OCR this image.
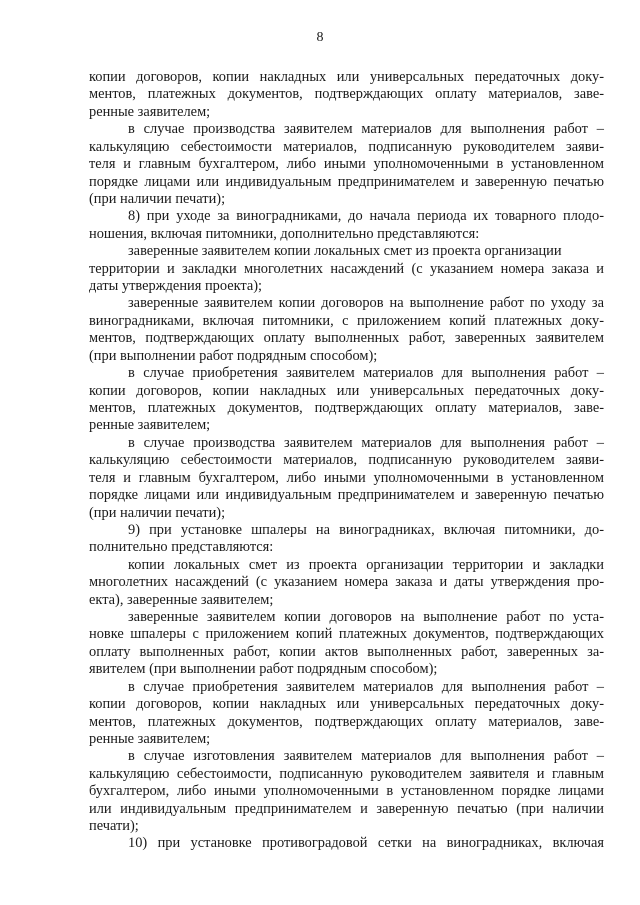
8
копии договоров, копии накладных или универсальных передаточных доку-
ментов, платежных документов, подтверждающих оплату материалов, заве-
ренные заявителем;
в случае производства заявителем материалов для выполнения работ –
калькуляцию себестоимости материалов, подписанную руководителем заяви-
теля и главным бухгалтером, либо иными уполномоченными в установленном
порядке лицами или индивидуальным предпринимателем и заверенную печатью
(при наличии печати);
8) при уходе за виноградниками, до начала периода их товарного плодо-
ношения, включая питомники, дополнительно представляются:
заверенные заявителем копии локальных смет из проекта организации
территории и закладки многолетних насаждений (с указанием номера заказа и
даты утверждения проекта);
заверенные заявителем копии договоров на выполнение работ по уходу за
виноградниками, включая питомники, с приложением копий платежных доку-
ментов, подтверждающих оплату выполненных работ, заверенных заявителем
(при выполнении работ подрядным способом);
в случае приобретения заявителем материалов для выполнения работ –
копии договоров, копии накладных или универсальных передаточных доку-
ментов, платежных документов, подтверждающих оплату материалов, заве-
ренные заявителем;
в случае производства заявителем материалов для выполнения работ –
калькуляцию себестоимости материалов, подписанную руководителем заяви-
теля и главным бухгалтером, либо иными уполномоченными в установленном
порядке лицами или индивидуальным предпринимателем и заверенную печатью
(при наличии печати);
9) при установке шпалеры на виноградниках, включая питомники, до-
полнительно представляются:
копии локальных смет из проекта организации территории и закладки
многолетних насаждений (с указанием номера заказа и даты утверждения про-
екта), заверенные заявителем;
заверенные заявителем копии договоров на выполнение работ по уста-
новке шпалеры с приложением копий платежных документов, подтверждающих
оплату выполненных работ, копии актов выполненных работ, заверенных за-
явителем (при выполнении работ подрядным способом);
в случае приобретения заявителем материалов для выполнения работ –
копии договоров, копии накладных или универсальных передаточных доку-
ментов, платежных документов, подтверждающих оплату материалов, заве-
ренные заявителем;
в случае изготовления заявителем материалов для выполнения работ –
калькуляцию себестоимости, подписанную руководителем заявителя и главным
бухгалтером, либо иными уполномоченными в установленном порядке лицами
или индивидуальным предпринимателем и заверенную печатью (при наличии
печати);
10) при установке противоградовой сетки на виноградниках, включая
